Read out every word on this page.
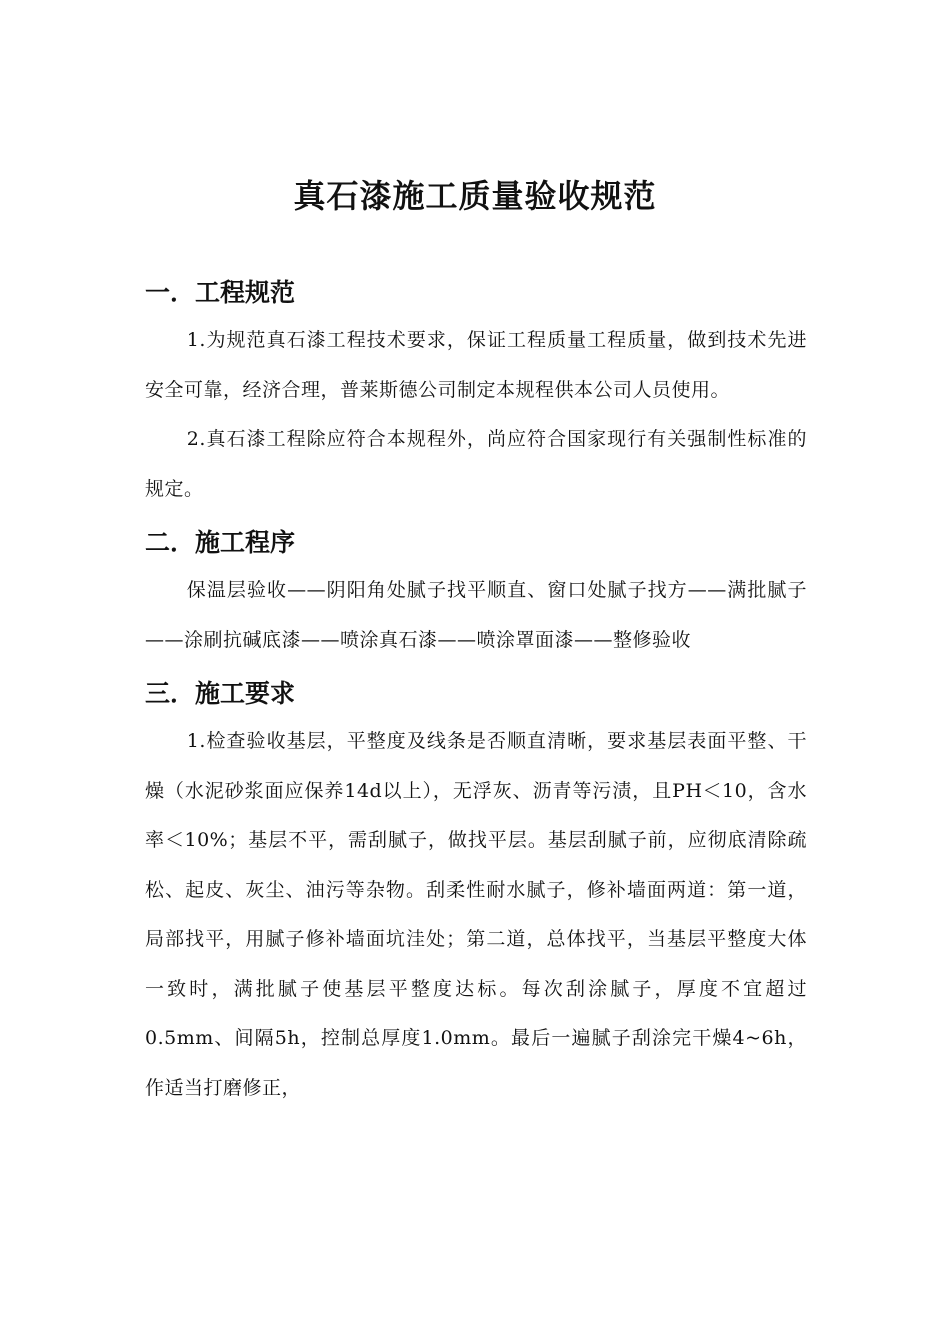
真石漆施工质量验收规范
一．工程规范

1.为规范真石漆工程技术要求，保证工程质量工程质量，做到技术先进安全可靠，经济合理，普莱斯德公司制定本规程供本公司人员使用。

2.真石漆工程除应符合本规程外，尚应符合国家现行有关强制性标准的规定。

二．施工程序

保温层验收——阴阳角处腻子找平顺直、窗口处腻子找方——满批腻子——涂刷抗碱底漆——喷涂真石漆——喷涂罩面漆——整修验收

三．施工要求

1.检查验收基层，平整度及线条是否顺直清晰，要求基层表面平整、干燥（水泥砂浆面应保养14d以上），无浮灰、沥青等污渍，且PH＜10，含水率＜10%；基层不平，需刮腻子，做找平层。基层刮腻子前，应彻底清除疏松、起皮、灰尘、油污等杂物。刮柔性耐水腻子，修补墙面两道：第一道，局部找平，用腻子修补墙面坑洼处；第二道，总体找平，当基层平整度大体一致时，满批腻子使基层平整度达标。每次刮涂腻子，厚度不宜超过0.5mm、间隔5h，控制总厚度1.0mm。最后一遍腻子刮涂完干燥4~6h，作适当打磨修正，
